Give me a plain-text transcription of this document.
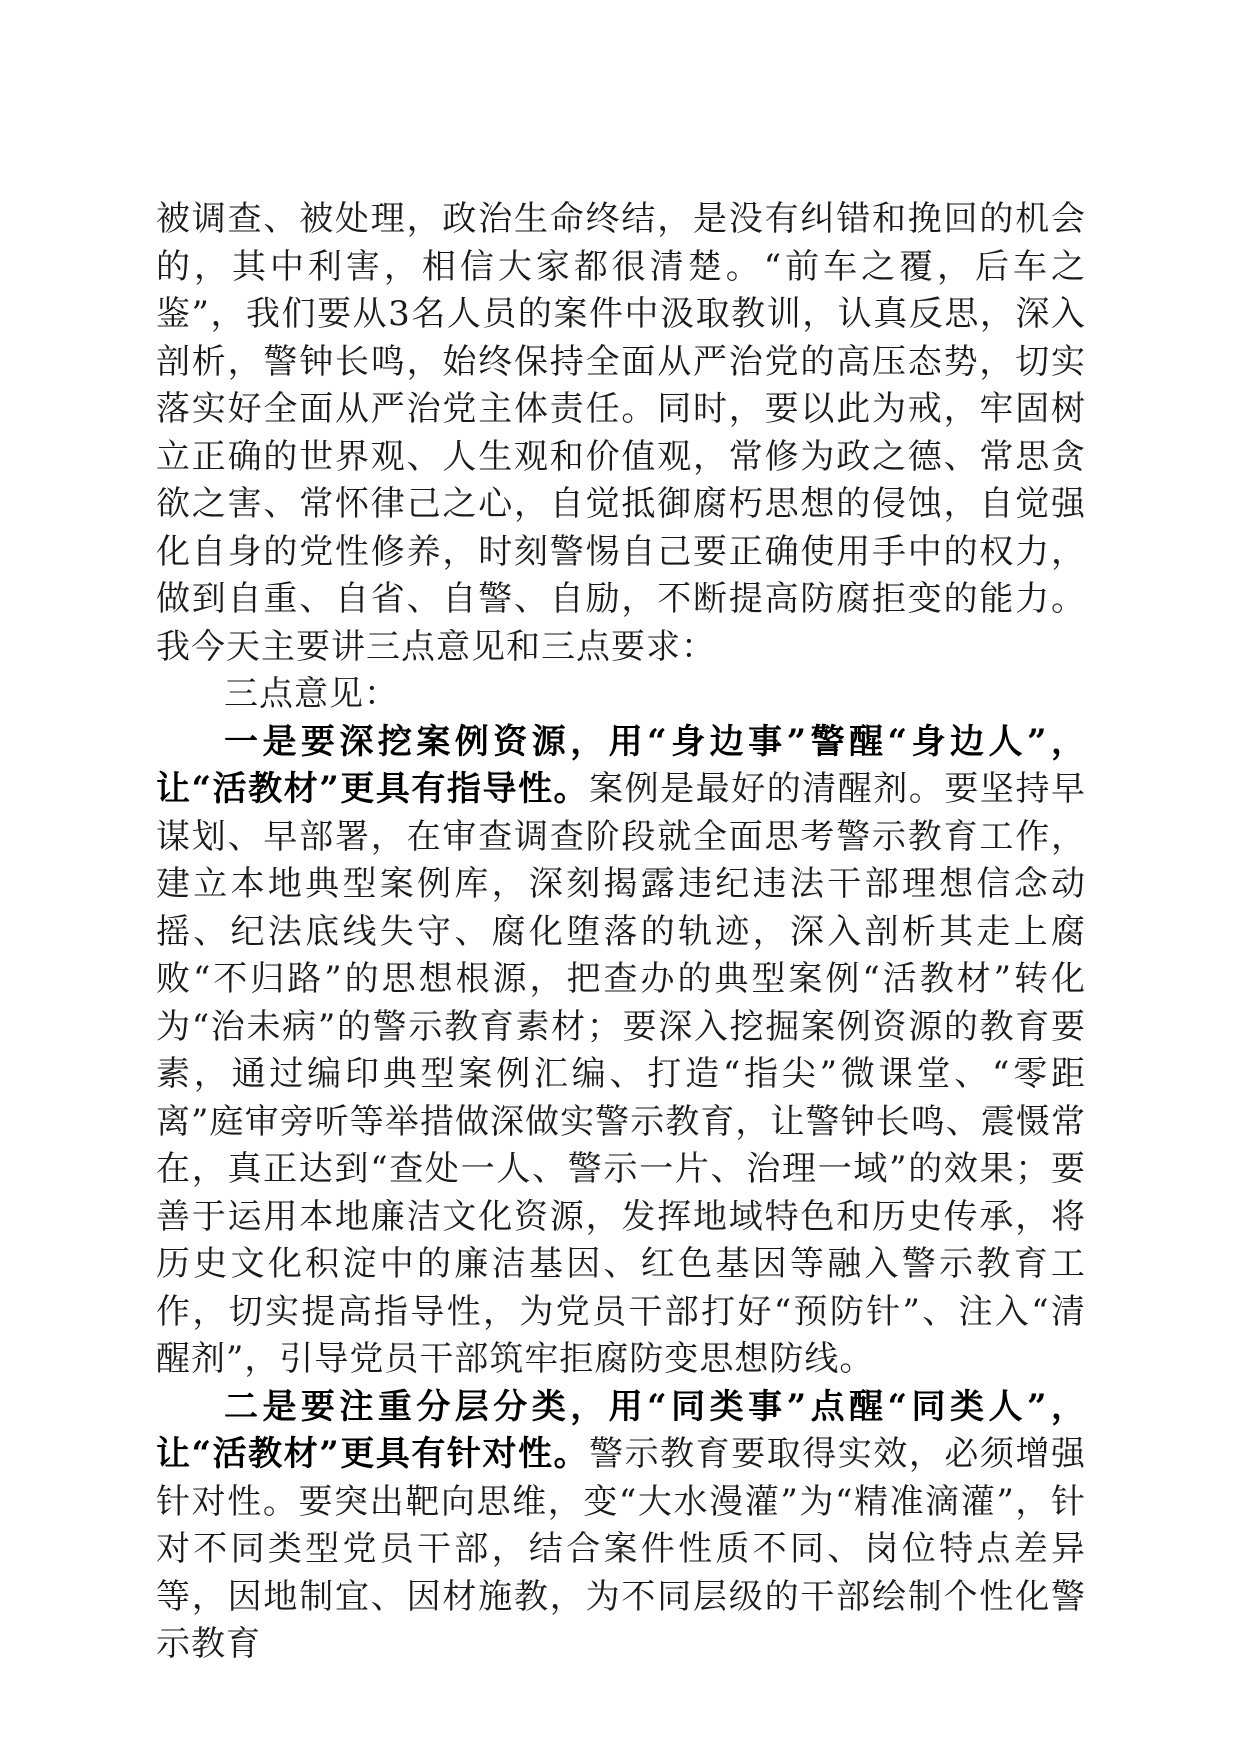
被调查、被处理，政治生命终结，是没有纠错和挽回的机会的，其中利害，相信大家都很清楚。“前车之覆，后车之鉴”，我们要从3名人员的案件中汲取教训，认真反思，深入剖析，警钟长鸣，始终保持全面从严治党的高压态势，切实落实好全面从严治党主体责任。同时，要以此为戒，牢固树立正确的世界观、人生观和价值观，常修为政之德、常思贪欲之害、常怀律己之心，自觉抵御腐朽思想的侵蚀，自觉强化自身的党性修养，时刻警惕自己要正确使用手中的权力，做到自重、自省、自警、自励，不断提高防腐拒变的能力。我今天主要讲三点意见和三点要求：

三点意见：

一是要深挖案例资源，用“身边事”警醒“身边人”，让“活教材”更具有指导性。案例是最好的清醒剂。要坚持早谋划、早部署，在审查调查阶段就全面思考警示教育工作，建立本地典型案例库，深刻揭露违纪违法干部理想信念动摇、纪法底线失守、腐化堕落的轨迹，深入剖析其走上腐败“不归路”的思想根源，把查办的典型案例“活教材”转化为“治未病”的警示教育素材；要深入挖掘案例资源的教育要素，通过编印典型案例汇编、打造“指尖”微课堂、“零距离”庭审旁听等举措做深做实警示教育，让警钟长鸣、震慑常在，真正达到“查处一人、警示一片、治理一域”的效果；要善于运用本地廉洁文化资源，发挥地域特色和历史传承，将历史文化积淀中的廉洁基因、红色基因等融入警示教育工作，切实提高指导性，为党员干部打好“预防针”、注入“清醒剂”，引导党员干部筑牢拒腐防变思想防线。

二是要注重分层分类，用“同类事”点醒“同类人”，让“活教材”更具有针对性。警示教育要取得实效，必须增强针对性。要突出靶向思维，变“大水漫灌”为“精准滴灌”，针对不同类型党员干部，结合案件性质不同、岗位特点差异等，因地制宜、因材施教，为不同层级的干部绘制个性化警示教育
